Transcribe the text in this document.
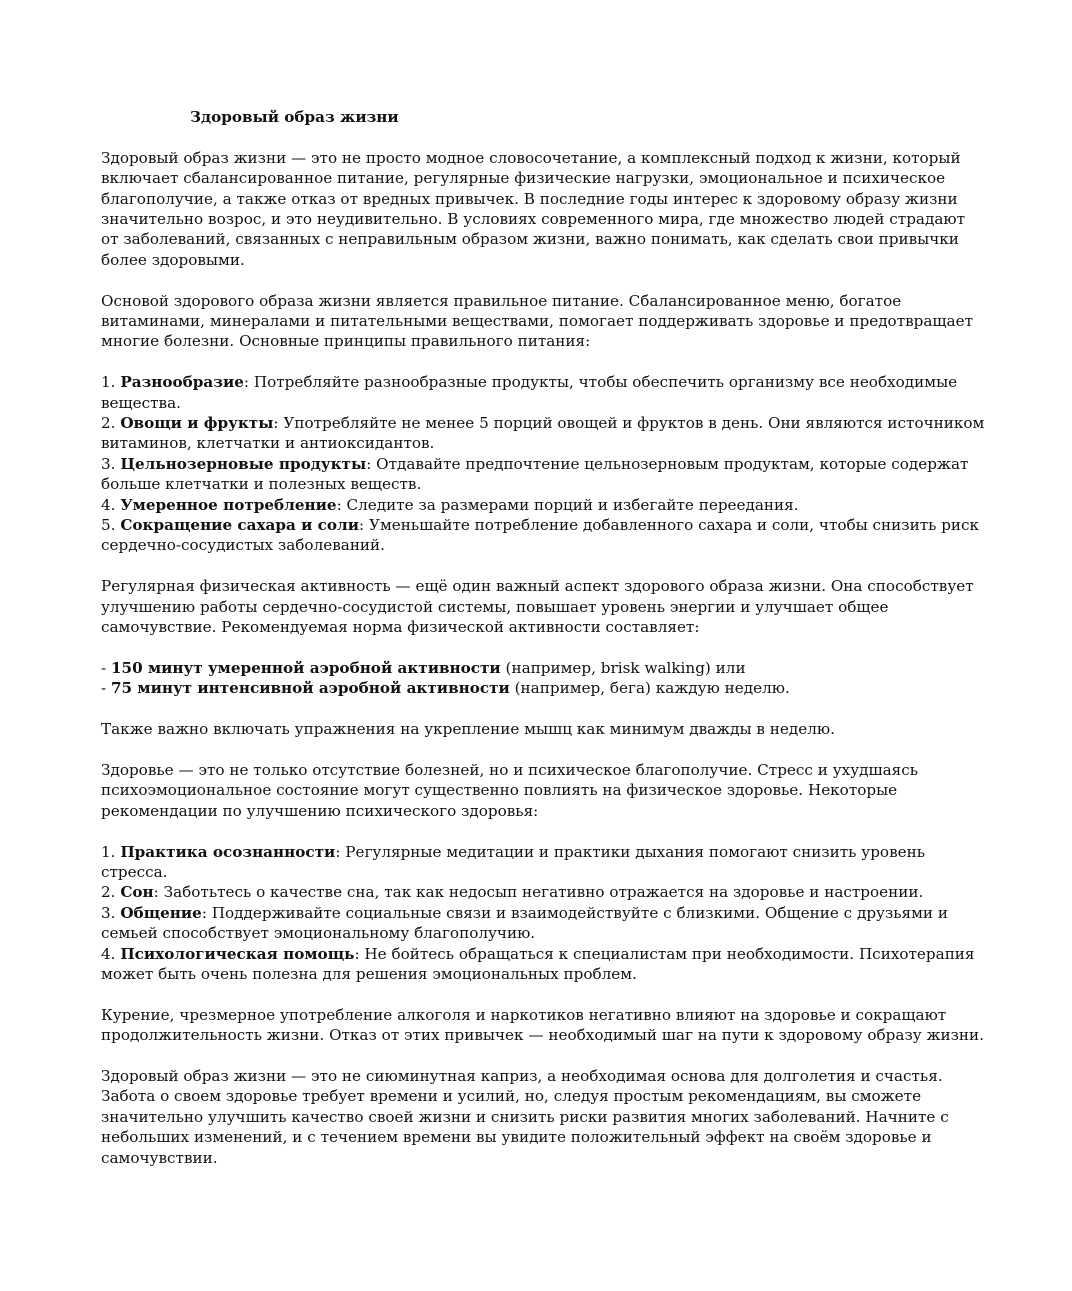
Здоровый образ жизни

Здоровый образ жизни — это не просто модное словосочетание, а комплексный подход к жизни, который включает сбалансированное питание, регулярные физические нагрузки, эмоциональное и психическое благополучие, а также отказ от вредных привычек. В последние годы интерес к здоровому образу жизни значительно возрос, и это неудивительно. В условиях современного мира, где множество людей страдают от заболеваний, связанных с неправильным образом жизни, важно понимать, как сделать свои привычки более здоровыми.

Основой здорового образа жизни является правильное питание. Сбалансированное меню, богатое витаминами, минералами и питательными веществами, помогает поддерживать здоровье и предотвращает многие болезни. Основные принципы правильного питания:

1. Разнообразие: Потребляйте разнообразные продукты, чтобы обеспечить организму все необходимые вещества.

2. Овощи и фрукты: Употребляйте не менее 5 порций овощей и фруктов в день. Они являются источником витаминов, клетчатки и антиоксидантов.

3. Цельнозерновые продукты: Отдавайте предпочтение цельнозерновым продуктам, которые содержат больше клетчатки и полезных веществ.

4. Умеренное потребление: Следите за размерами порций и избегайте переедания.

5. Сокращение сахара и соли: Уменьшайте потребление добавленного сахара и соли, чтобы снизить риск сердечно-сосудистых заболеваний.

Регулярная физическая активность — ещё один важный аспект здорового образа жизни. Она способствует улучшению работы сердечно-сосудистой системы, повышает уровень энергии и улучшает общее самочувствие. Рекомендуемая норма физической активности составляет:

- 150 минут умеренной аэробной активности (например, brisk walking) или

- 75 минут интенсивной аэробной активности (например, бега) каждую неделю.

Также важно включать упражнения на укрепление мышц как минимум дважды в неделю.

Здоровье — это не только отсутствие болезней, но и психическое благополучие. Стресс и ухудшаясь психоэмоциональное состояние могут существенно повлиять на физическое здоровье. Некоторые рекомендации по улучшению психического здоровья:

1. Практика осознанности: Регулярные медитации и практики дыхания помогают снизить уровень стресса.

2. Сон: Заботьтесь о качестве сна, так как недосып негативно отражается на здоровье и настроении.

3. Общение: Поддерживайте социальные связи и взаимодействуйте с близкими. Общение с друзьями и семьей способствует эмоциональному благополучию.

4. Психологическая помощь: Не бойтесь обращаться к специалистам при необходимости. Психотерапия может быть очень полезна для решения эмоциональных проблем.

Курение, чрезмерное употребление алкоголя и наркотиков негативно влияют на здоровье и сокращают продолжительность жизни. Отказ от этих привычек — необходимый шаг на пути к здоровому образу жизни.

Здоровый образ жизни — это не сиюминутная каприз, а необходимая основа для долголетия и счастья. Забота о своем здоровье требует времени и усилий, но, следуя простым рекомендациям, вы сможете значительно улучшить качество своей жизни и снизить риски развития многих заболеваний. Начните с небольших изменений, и с течением времени вы увидите положительный эффект на своём здоровье и самочувствии.
